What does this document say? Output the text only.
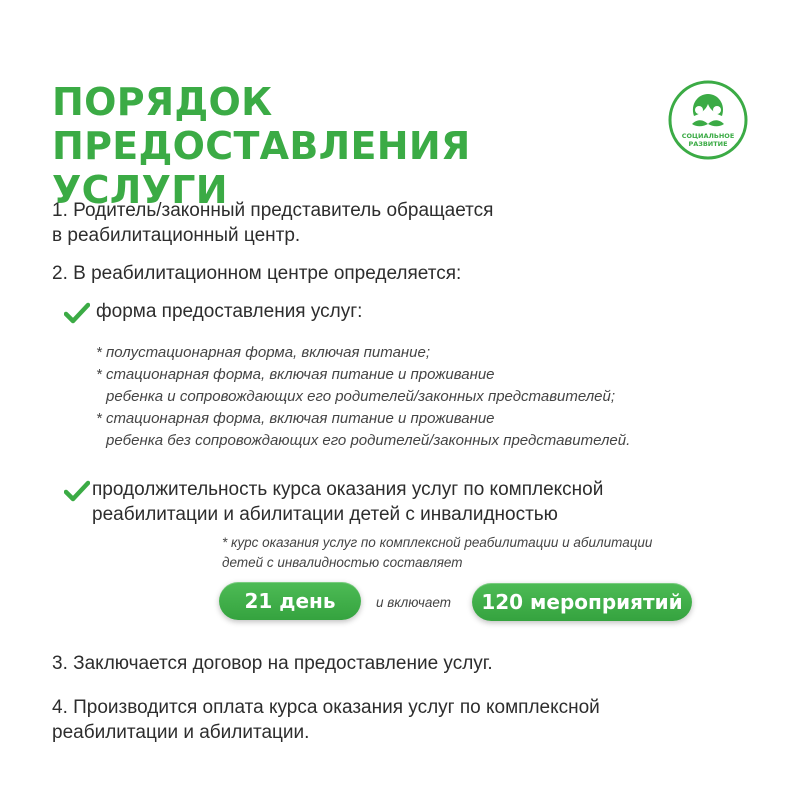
ПОРЯДОК ПРЕДОСТАВЛЕНИЯ
УСЛУГИ
СОЦИАЛЬНОЕ
РАЗВИТИЕ
1. Родитель/законный представитель обращается
в реабилитационный центр.
2. В реабилитационном центре определяется:
форма предоставления услуг:
* полустационарная форма, включая питание;
* стационарная форма, включая питание и проживание
ребенка и сопровождающих его родителей/законных представителей;
* стационарная форма, включая питание и проживание
ребенка без сопровождающих его родителей/законных представителей.
продолжительность курса оказания услуг по комплексной
реабилитации и абилитации детей с инвалидностью
* курс оказания услуг по комплексной реабилитации и абилитации
детей с инвалидностью составляет
21 день	и включает	120 мероприятий
3. Заключается договор на предоставление услуг.
4. Производится оплата курса оказания услуг по комплексной
реабилитации и абилитации.
